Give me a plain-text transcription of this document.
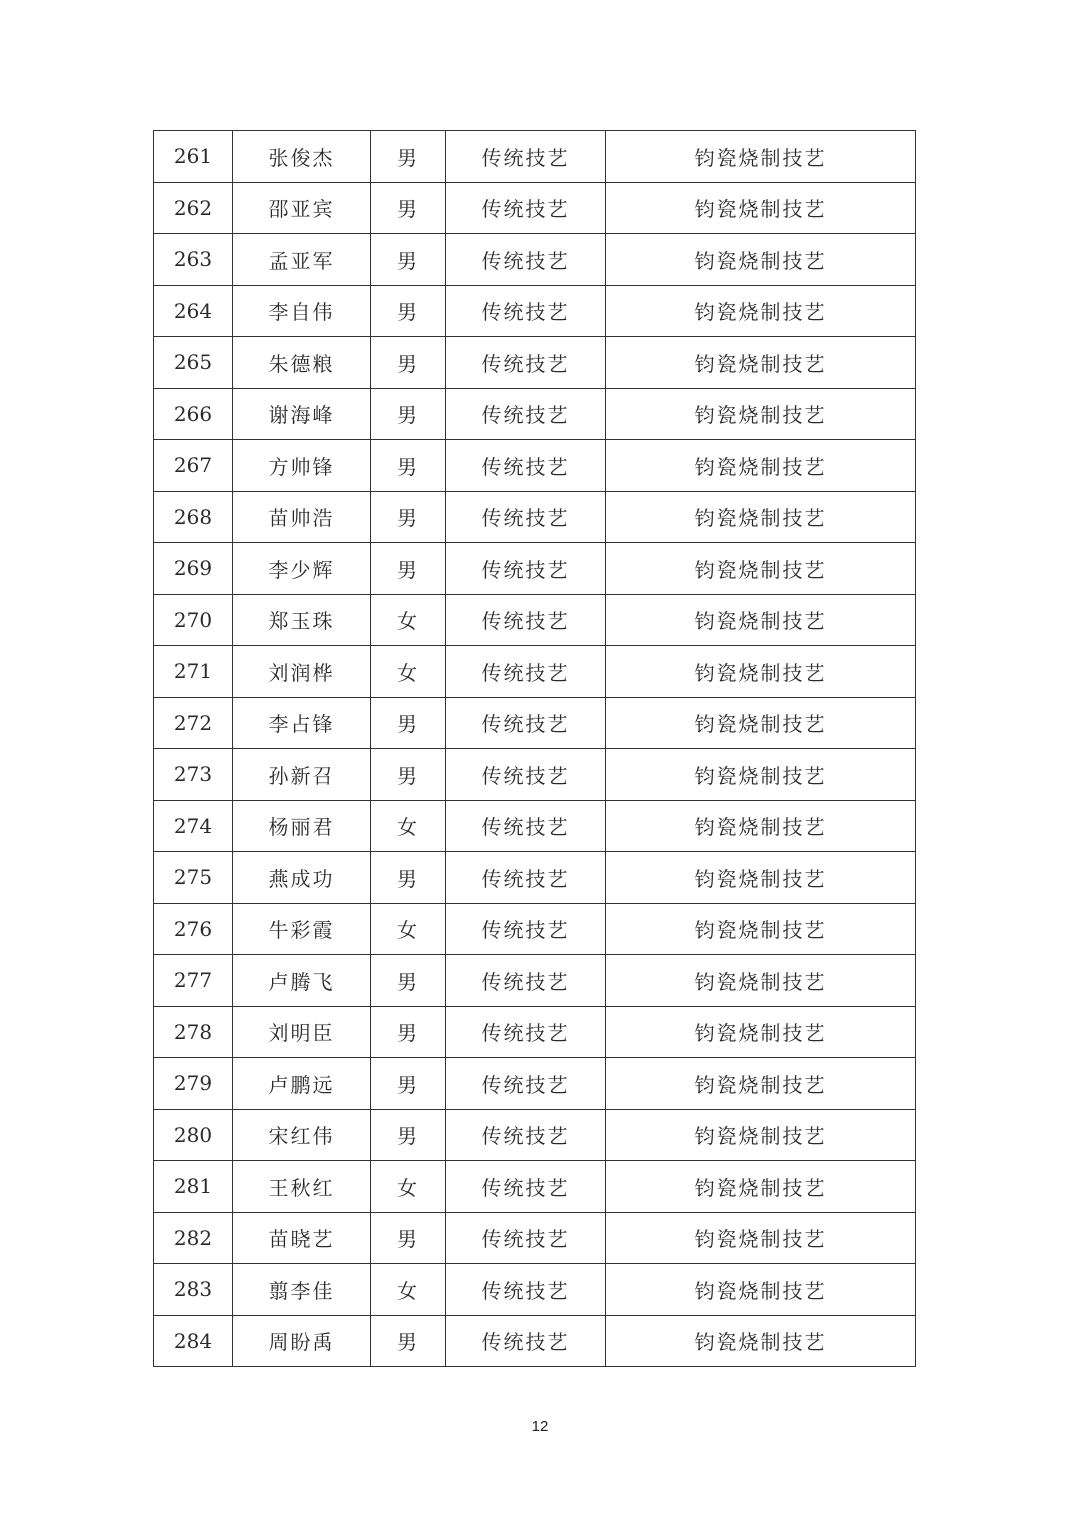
261	张俊杰	男	传统技艺	钧瓷烧制技艺
262	邵亚宾	男	传统技艺	钧瓷烧制技艺
263	孟亚军	男	传统技艺	钧瓷烧制技艺
264	李自伟	男	传统技艺	钧瓷烧制技艺
265	朱德粮	男	传统技艺	钧瓷烧制技艺
266	谢海峰	男	传统技艺	钧瓷烧制技艺
267	方帅锋	男	传统技艺	钧瓷烧制技艺
268	苗帅浩	男	传统技艺	钧瓷烧制技艺
269	李少辉	男	传统技艺	钧瓷烧制技艺
270	郑玉珠	女	传统技艺	钧瓷烧制技艺
271	刘润桦	女	传统技艺	钧瓷烧制技艺
272	李占锋	男	传统技艺	钧瓷烧制技艺
273	孙新召	男	传统技艺	钧瓷烧制技艺
274	杨丽君	女	传统技艺	钧瓷烧制技艺
275	燕成功	男	传统技艺	钧瓷烧制技艺
276	牛彩霞	女	传统技艺	钧瓷烧制技艺
277	卢腾飞	男	传统技艺	钧瓷烧制技艺
278	刘明臣	男	传统技艺	钧瓷烧制技艺
279	卢鹏远	男	传统技艺	钧瓷烧制技艺
280	宋红伟	男	传统技艺	钧瓷烧制技艺
281	王秋红	女	传统技艺	钧瓷烧制技艺
282	苗晓艺	男	传统技艺	钧瓷烧制技艺
283	翦李佳	女	传统技艺	钧瓷烧制技艺
284	周盼禹	男	传统技艺	钧瓷烧制技艺
12
